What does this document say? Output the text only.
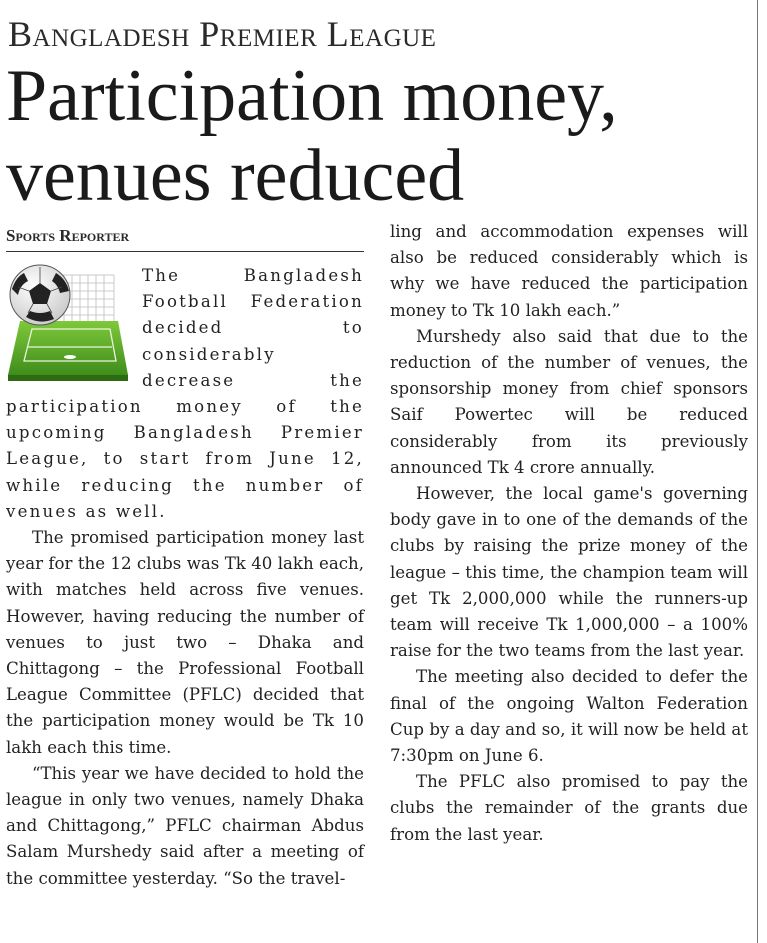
Bangladesh Premier League
Participation money, venues reduced
Sports Reporter

The Bangladesh Football Federation decided to considerably decrease the participation money of the upcoming Bangladesh Premier League, to start from June 12, while reducing the number of venues as well.

The promised participation money last year for the 12 clubs was Tk 40 lakh each, with matches held across five venues. However, having reducing the number of venues to just two – Dhaka and Chittagong – the Professional Football League Committee (PFLC) decided that the participation money would be Tk 10 lakh each this time.

“This year we have decided to hold the league in only two venues, namely Dhaka and Chittagong,” PFLC chairman Abdus Salam Murshedy said after a meeting of the committee yesterday. “So the travel-

ling and accommodation expenses will also be reduced considerably which is why we have reduced the participation money to Tk 10 lakh each.”

Murshedy also said that due to the reduction of the number of venues, the sponsorship money from chief sponsors Saif Powertec will be reduced considerably from its previously announced Tk 4 crore annually.

However, the local game's governing body gave in to one of the demands of the clubs by raising the prize money of the league – this time, the champion team will get Tk 2,000,000 while the runners-up team will receive Tk 1,000,000 – a 100% raise for the two teams from the last year.

The meeting also decided to defer the final of the ongoing Walton Federation Cup by a day and so, it will now be held at 7:30pm on June 6.

The PFLC also promised to pay the clubs the remainder of the grants due from the last year.
